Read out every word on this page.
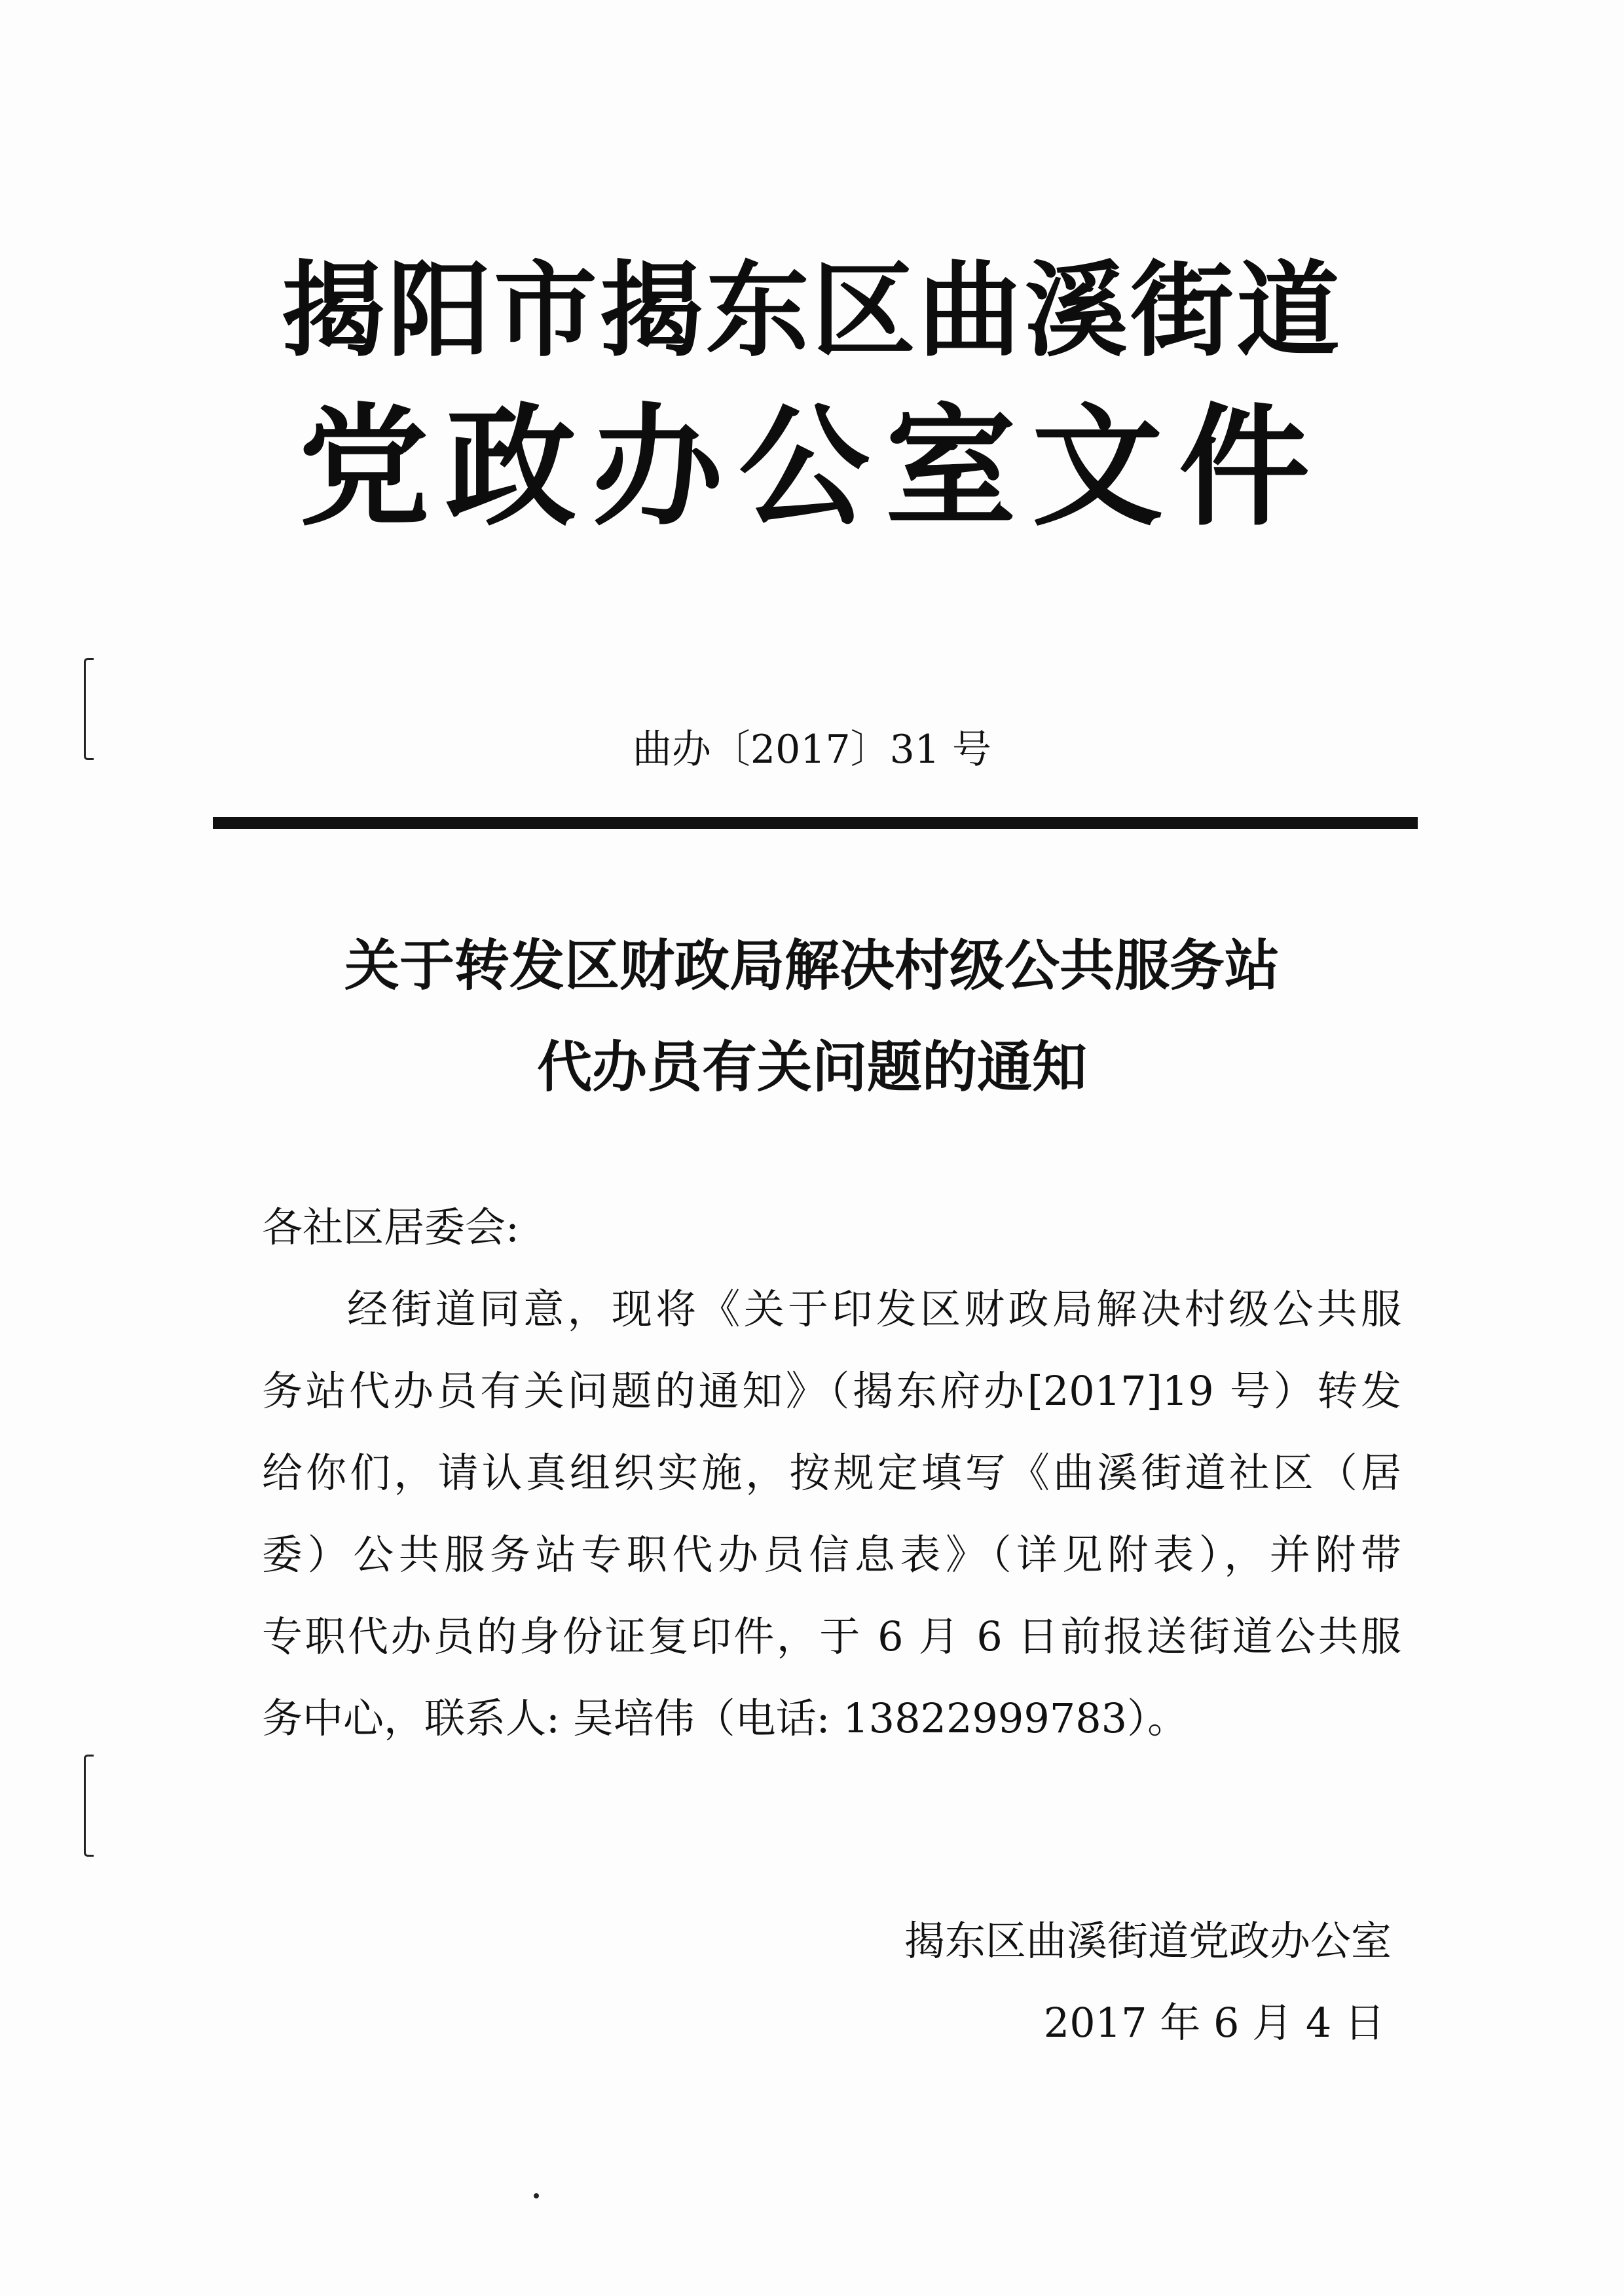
揭阳市揭东区曲溪街道
党政办公室文件
曲办〔2017〕31 号
关于转发区财政局解决村级公共服务站
代办员有关问题的通知
各社区居委会:
经街道同意，现将《关于印发区财政局解决村级公共服
务站代办员有关问题的通知》（揭东府办[2017]19 号）转发
给你们，请认真组织实施，按规定填写《曲溪街道社区（居
委）公共服务站专职代办员信息表》（详见附表），并附带
专职代办员的身份证复印件，于 6 月 6 日前报送街道公共服
务中心，联系人: 吴培伟（电话: 13822999783）。
揭东区曲溪街道党政办公室
2017 年 6 月 4 日
